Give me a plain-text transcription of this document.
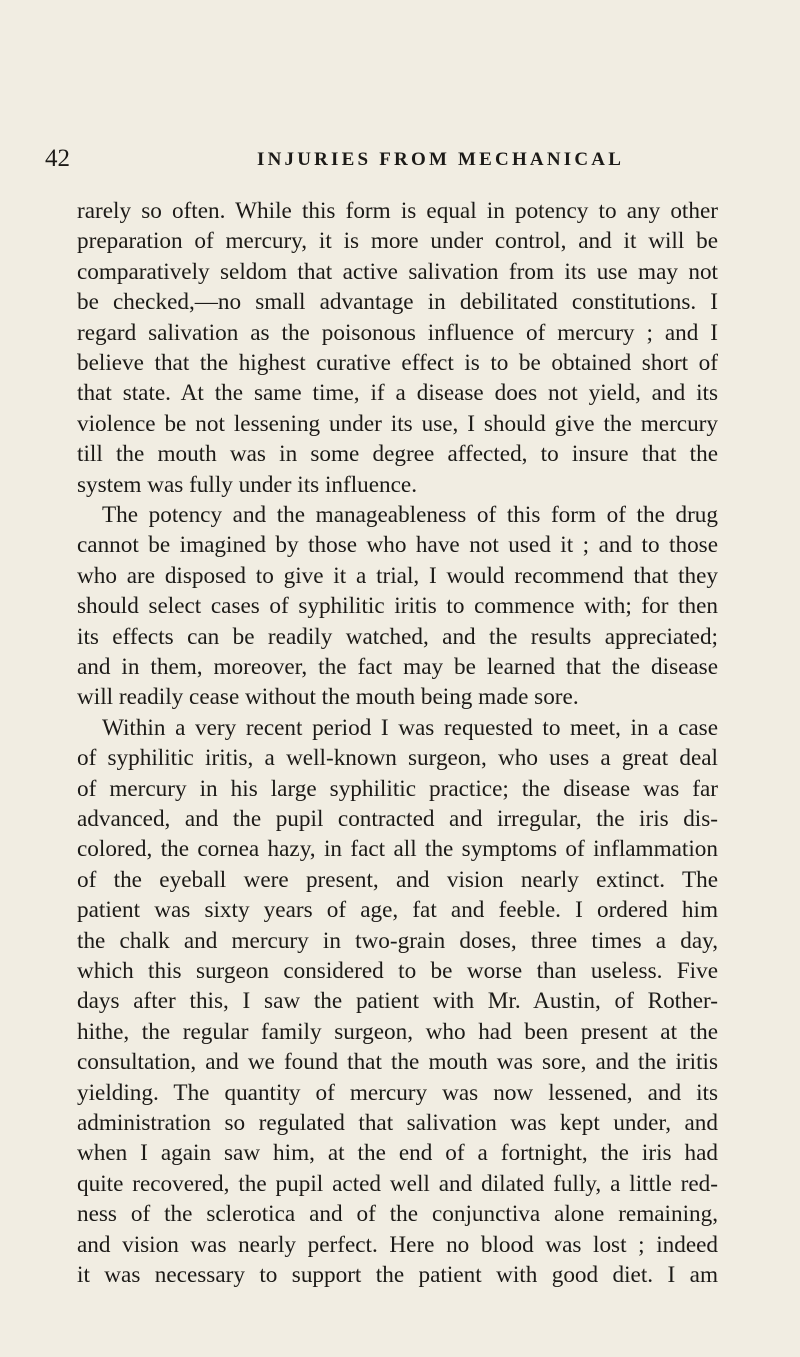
42	INJURIES FROM MECHANICAL
rarely so often. While this form is equal in potency to any other
preparation of mercury, it is more under control, and it will be
comparatively seldom that active salivation from its use may not
be checked,—no small advantage in debilitated constitutions. I
regard salivation as the poisonous influence of mercury ; and I
believe that the highest curative effect is to be obtained short of
that state. At the same time, if a disease does not yield, and its
violence be not lessening under its use, I should give the mercury
till the mouth was in some degree affected, to insure that the
system was fully under its influence.
The potency and the manageableness of this form of the drug
cannot be imagined by those who have not used it ; and to those
who are disposed to give it a trial, I would recommend that they
should select cases of syphilitic iritis to commence with; for then
its effects can be readily watched, and the results appreciated;
and in them, moreover, the fact may be learned that the disease
will readily cease without the mouth being made sore.
Within a very recent period I was requested to meet, in a case
of syphilitic iritis, a well-known surgeon, who uses a great deal
of mercury in his large syphilitic practice; the disease was far
advanced, and the pupil contracted and irregular, the iris dis-
colored, the cornea hazy, in fact all the symptoms of inflammation
of the eyeball were present, and vision nearly extinct. The
patient was sixty years of age, fat and feeble. I ordered him
the chalk and mercury in two-grain doses, three times a day,
which this surgeon considered to be worse than useless. Five
days after this, I saw the patient with Mr. Austin, of Rother-
hithe, the regular family surgeon, who had been present at the
consultation, and we found that the mouth was sore, and the iritis
yielding. The quantity of mercury was now lessened, and its
administration so regulated that salivation was kept under, and
when I again saw him, at the end of a fortnight, the iris had
quite recovered, the pupil acted well and dilated fully, a little red-
ness of the sclerotica and of the conjunctiva alone remaining,
and vision was nearly perfect. Here no blood was lost ; indeed
it was necessary to support the patient with good diet. I am
